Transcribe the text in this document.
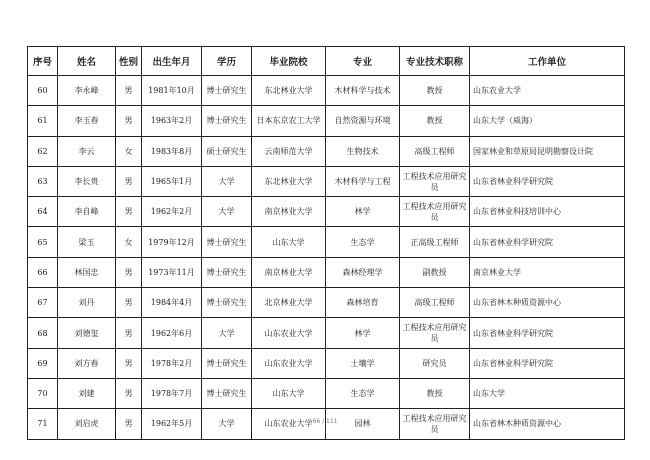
序号	姓名	性别	出生年月	学历	毕业院校	专业	专业技术职称	工作单位
60	李永峰	男	1981年10月	博士研究生	东北林业大学	木材科学与技术	教授	山东农业大学
61	李玉春	男	1963年2月	博士研究生	日本东京农工大学	自然资源与环境	教授	山东大学（威海）
62	李云	女	1983年8月	硕士研究生	云南师范大学	生物技术	高级工程师	国家林业和草原局昆明勘察设计院
63	李长贵	男	1965年1月	大学	东北林业大学	木材科学与工程	工程技术应用研究员	山东省林业科学研究院
64	李自峰	男	1962年2月	大学	南京林业大学	林学	工程技术应用研究员	山东省林业科技培训中心
65	梁玉	女	1979年12月	博士研究生	山东大学	生态学	正高级工程师	山东省林业科学研究院
66	林国忠	男	1973年11月	博士研究生	南京林业大学	森林经理学	副教授	南京林业大学
67	刘丹	男	1984年4月	博士研究生	北京林业大学	森林培育	高级工程师	山东省林木种质资源中心
68	刘德玺	男	1962年6月	大学	山东农业大学	林学	工程技术应用研究员	山东省林业科学研究院
69	刘方春	男	1978年2月	博士研究生	山东农业大学	土壤学	研究员	山东省林业科学研究院
70	刘建	男	1978年7月	博士研究生	山东大学	生态学	教授	山东大学
71	刘启虎	男	1962年5月	大学	山东农业大学	园林	工程技术应用研究员	山东省林木种质资源中心
66 / 111
